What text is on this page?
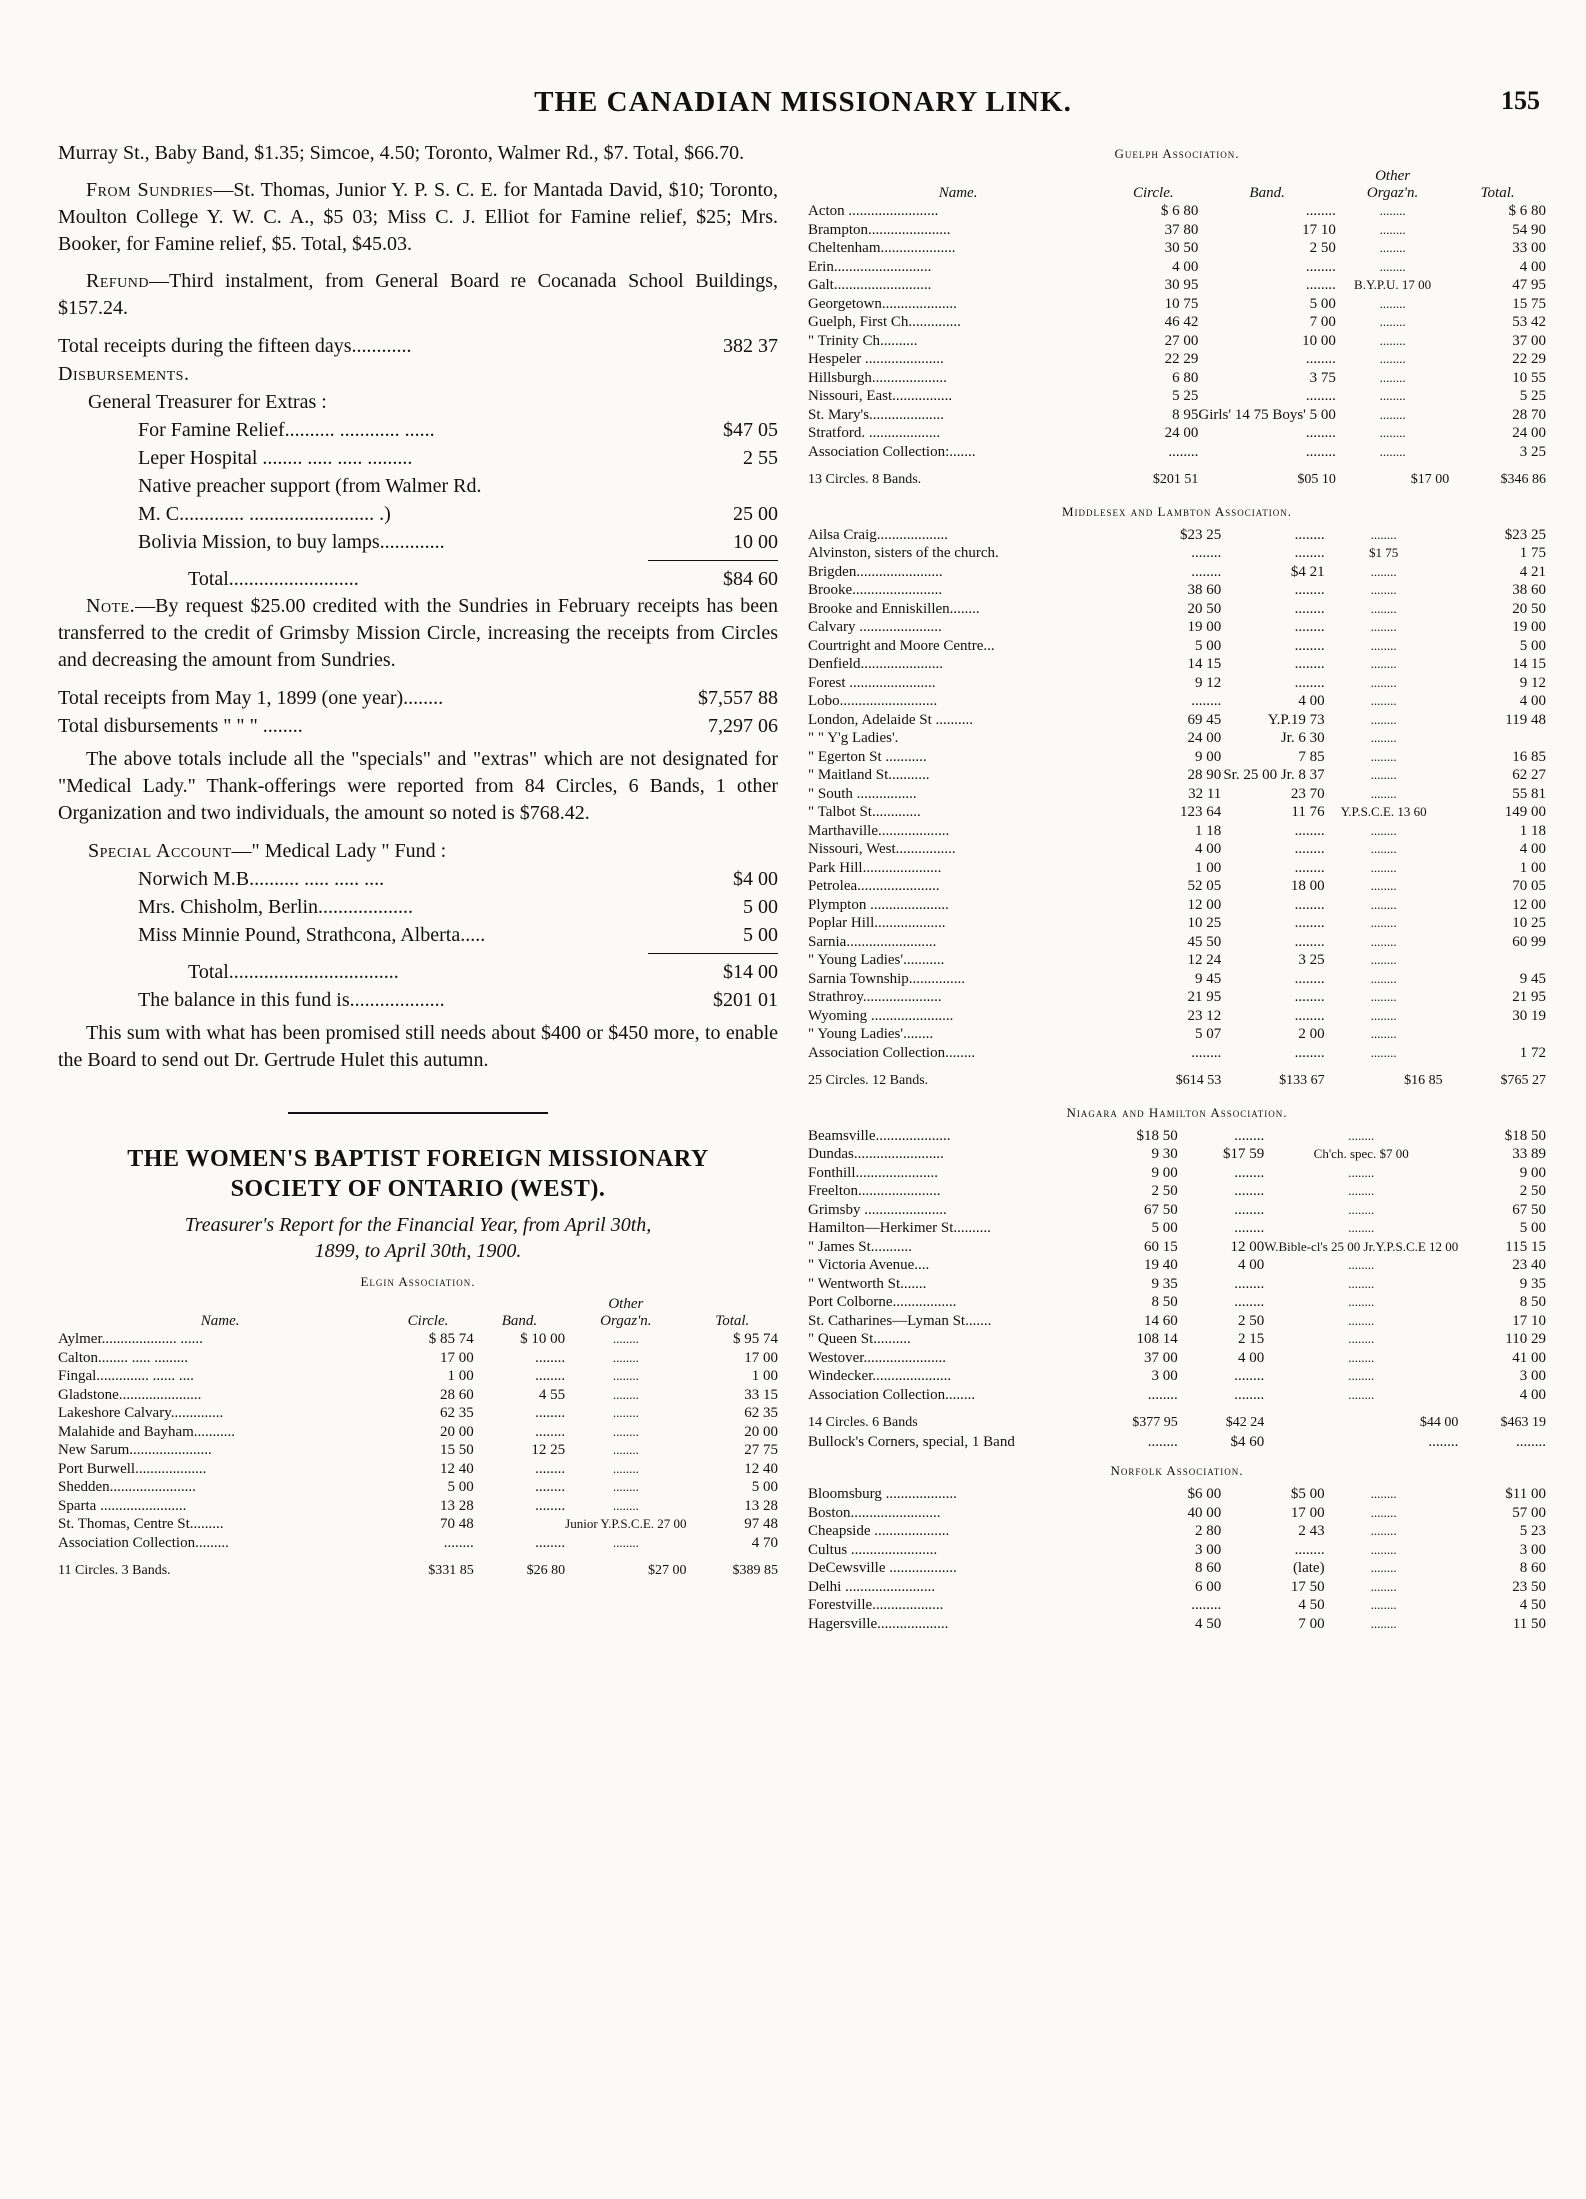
THE CANADIAN MISSIONARY LINK.	155

Murray St., Baby Band, $1.35; Simcoe, 4.50; Toronto, Walmer Rd., $7. Total, $66.70.

From Sundries—St. Thomas, Junior Y. P. S. C. E. for Mantada David, $10; Toronto, Moulton College Y. W. C. A., $5 03; Miss C. J. Elliot for Famine relief, $25; Mrs. Booker, for Famine relief, $5. Total, $45.03.

Refund—Third instalment, from General Board re Cocanada School Buildings, $157.24.

Total receipts during the fifteen days............	382 37
Disbursements.
General Treasurer for Extras :
For Famine Relief.......... ............ ......	$47 05
Leper Hospital ........ ..... ..... .........	2 55
Native preacher support (from Walmer Rd.
M. C............. ......................... .)	25 00
Bolivia Mission, to buy lamps.............	10 00
Total..........................	$84 60

Note.—By request $25.00 credited with the Sundries in February receipts has been transferred to the credit of Grimsby Mission Circle, increasing the receipts from Circles and decreasing the amount from Sundries.

Total receipts from May 1, 1899 (one year)........	$7,557 88
Total disbursements " " " ........	7,297 06

The above totals include all the "specials" and "extras" which are not designated for "Medical Lady." Thank-offerings were reported from 84 Circles, 6 Bands, 1 other Organization and two individuals, the amount so noted is $768.42.

Special Account—" Medical Lady " Fund :
Norwich M.B.......... ..... ..... ....	$4 00
Mrs. Chisholm, Berlin...................	5 00
Miss Minnie Pound, Strathcona, Alberta.....	5 00
Total..................................	$14 00
The balance in this fund is...................	$201 01

This sum with what has been promised still needs about $400 or $450 more, to enable the Board to send out Dr. Gertrude Hulet this autumn.

THE WOMEN'S BAPTIST FOREIGN MISSIONARY
SOCIETY OF ONTARIO (WEST).
Treasurer's Report for the Financial Year, from April 30th,
1899, to April 30th, 1900.
Elgin Association.
Name.	Circle.	Band.	Other
Orgaz'n.	Total.
Aylmer.................... ......	$ 85 74	$ 10 00	........	$ 95 74
Calton........ ..... .........	17 00	........	........	17 00
Fingal.............. ...... ....	1 00	........	........	1 00
Gladstone......................	28 60	4 55	........	33 15
Lakeshore Calvary..............	62 35	........	........	62 35
Malahide and Bayham...........	20 00	........	........	20 00
New Sarum......................	15 50	12 25	........	27 75
Port Burwell...................	12 40	........	........	12 40
Shedden.......................	5 00	........	........	5 00
Sparta .......................	13 28	........	........	13 28
St. Thomas, Centre St.........	70 48		Junior Y.P.S.C.E. 27 00	97 48
Association Collection.........	........	........	........	4 70
11 Circles. 3 Bands.	$331 85	$26 80	$27 00	$389 85
Guelph Association.
Name.	Circle.	Band.	Other
Orgaz'n.	Total.
Acton ........................	$ 6 80	........	........	$ 6 80
Brampton......................	37 80	17 10	........	54 90
Cheltenham....................	30 50	2 50	........	33 00
Erin..........................	4 00	........	........	4 00
Galt..........................	30 95	........	B.Y.P.U. 17 00	47 95
Georgetown....................	10 75	5 00	........	15 75
Guelph, First Ch..............	46 42	7 00	........	53 42
" Trinity Ch..........	27 00	10 00	........	37 00
Hespeler .....................	22 29	........	........	22 29
Hillsburgh....................	6 80	3 75	........	10 55
Nissouri, East................	5 25	........	........	5 25
St. Mary's....................	8 95	Girls' 14 75 Boys' 5 00	........	28 70
Stratford. ...................	24 00	........	........	24 00
Association Collection:.......	........	........	........	3 25
13 Circles. 8 Bands.	$201 51	$05 10	$17 00	$346 86
Middlesex and Lambton Association.
Ailsa Craig...................	$23 25	........	........	$23 25
Alvinston, sisters of the church.	........	........	$1 75	1 75
Brigden.......................	........	$4 21	........	4 21
Brooke........................	38 60	........	........	38 60
Brooke and Enniskillen........	20 50	........	........	20 50
Calvary ......................	19 00	........	........	19 00
Courtright and Moore Centre...	5 00	........	........	5 00
Denfield......................	14 15	........	........	14 15
Forest .......................	9 12	........	........	9 12
Lobo..........................	........	4 00	........	4 00
London, Adelaide St ..........	69 45	Y.P.19 73	........	119 48
" " Y'g Ladies'.	24 00	Jr. 6 30	........	
" Egerton St ...........	9 00	7 85	........	16 85
" Maitland St...........	28 90	Sr. 25 00 Jr. 8 37	........	62 27
" South ................	32 11	23 70	........	55 81
" Talbot St.............	123 64	11 76	Y.P.S.C.E. 13 60	149 00
Marthaville...................	1 18	........	........	1 18
Nissouri, West................	4 00	........	........	4 00
Park Hill.....................	1 00	........	........	1 00
Petrolea......................	52 05	18 00	........	70 05
Plympton .....................	12 00	........	........	12 00
Poplar Hill...................	10 25	........	........	10 25
Sarnia........................	45 50	........	........	60 99
" Young Ladies'...........	12 24	3 25	........	
Sarnia Township...............	9 45	........	........	9 45
Strathroy.....................	21 95	........	........	21 95
Wyoming ......................	23 12	........	........	30 19
" Young Ladies'........	5 07	2 00	........	
Association Collection........	........	........	........	1 72
25 Circles. 12 Bands.	$614 53	$133 67	$16 85	$765 27
Niagara and Hamilton Association.
Beamsville....................	$18 50	........	........	$18 50
Dundas........................	9 30	$17 59	Ch'ch. spec. $7 00	33 89
Fonthill......................	9 00	........	........	9 00
Freelton......................	2 50	........	........	2 50
Grimsby ......................	67 50	........	........	67 50
Hamilton—Herkimer St..........	5 00	........	........	5 00
" James St...........	60 15	12 00	W.Bible-cl's 25 00 Jr.Y.P.S.C.E 12 00	115 15
" Victoria Avenue....	19 40	4 00	........	23 40
" Wentworth St.......	9 35	........	........	9 35
Port Colborne.................	8 50	........	........	8 50
St. Catharines—Lyman St.......	14 60	2 50	........	17 10
" Queen St..........	108 14	2 15	........	110 29
Westover......................	37 00	4 00	........	41 00
Windecker.....................	3 00	........	........	3 00
Association Collection........	........	........	........	4 00
14 Circles. 6 Bands	$377 95	$42 24	$44 00	$463 19
Bullock's Corners, special, 1 Band	........	$4 60	........	........
Norfolk Association.
Bloomsburg ...................	$6 00	$5 00	........	$11 00
Boston........................	40 00	17 00	........	57 00
Cheapside ....................	2 80	2 43	........	5 23
Cultus .......................	3 00	........	........	3 00
DeCewsville ..................	8 60	(late)	........	8 60
Delhi ........................	6 00	17 50	........	23 50
Forestville...................	........	4 50	........	4 50
Hagersville...................	4 50	7 00	........	11 50
